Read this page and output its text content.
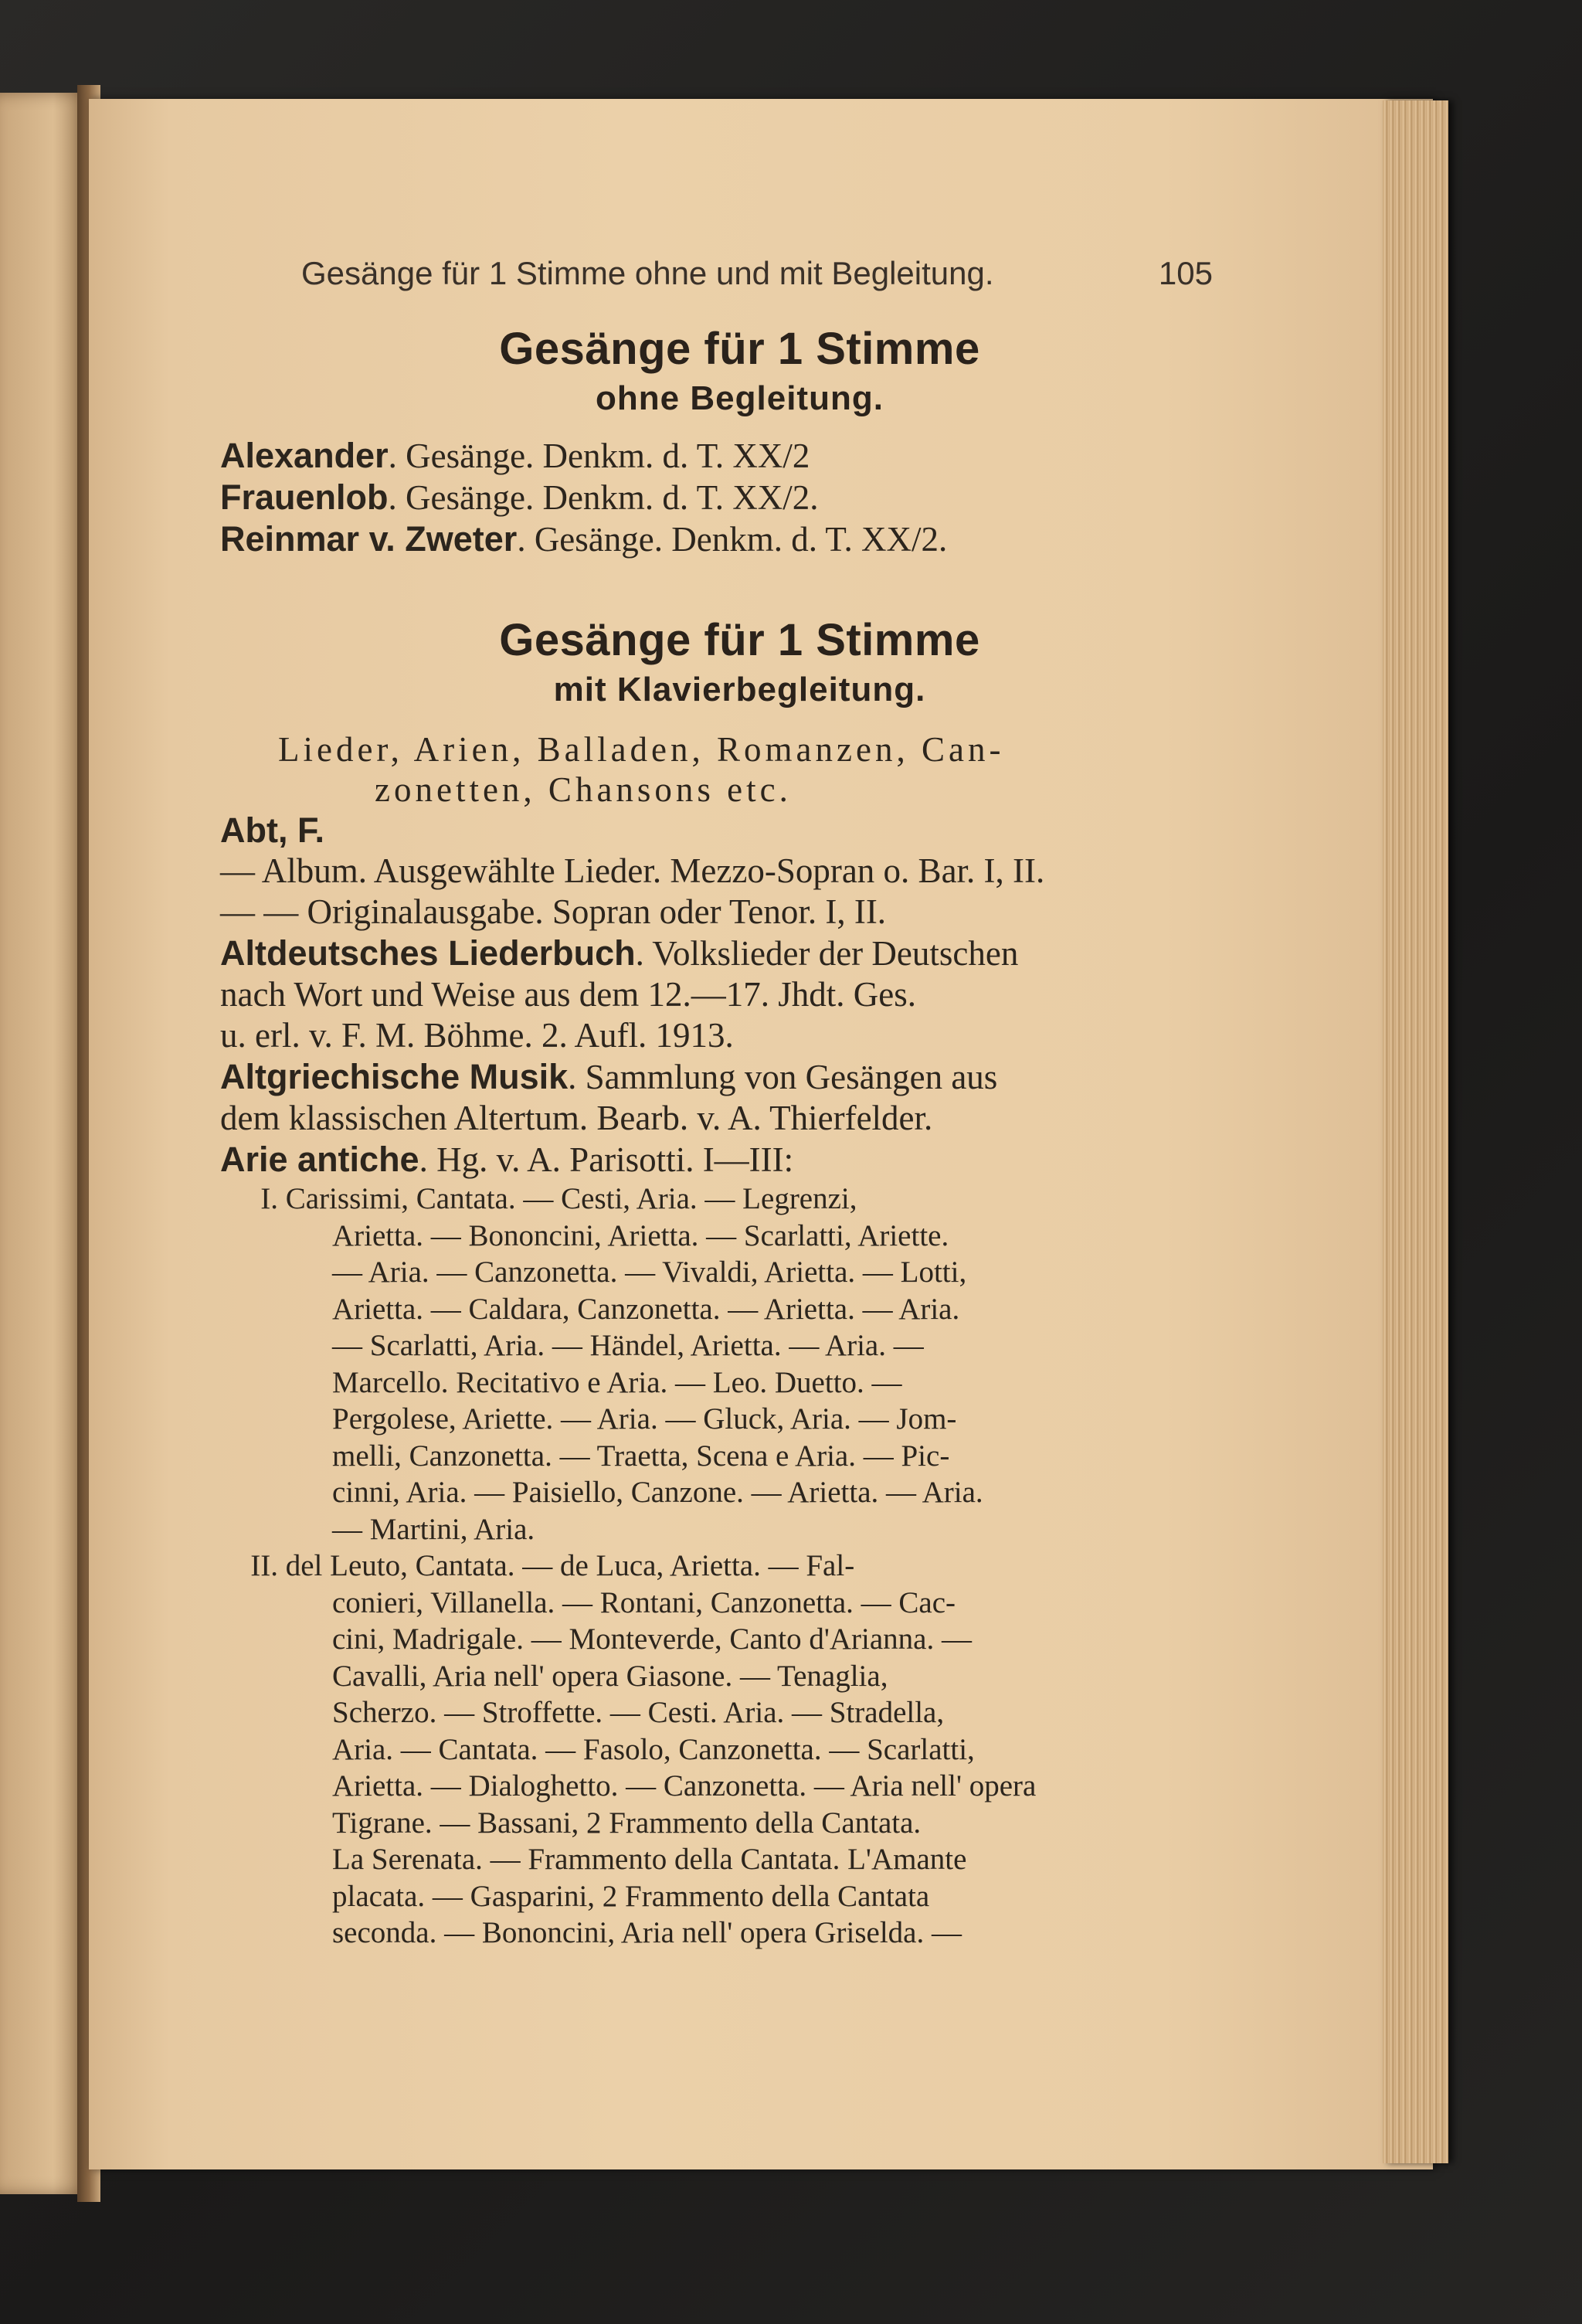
Gesänge für 1 Stimme ohne und mit Begleitung.	105
Gesänge für 1 Stimme
ohne Begleitung.
Alexander. Gesänge. Denkm. d. T. XX/2
Frauenlob. Gesänge. Denkm. d. T. XX/2.
Reinmar v. Zweter. Gesänge. Denkm. d. T. XX/2.
Gesänge für 1 Stimme
mit Klavierbegleitung.
Lieder, Arien, Balladen, Romanzen, Can-
zonetten, Chansons etc.
Abt, F.
— Album. Ausgewählte Lieder. Mezzo-Sopran o. Bar. I, II.
— — Originalausgabe. Sopran oder Tenor. I, II.
Altdeutsches Liederbuch. Volkslieder der Deutschen
nach Wort und Weise aus dem 12.—17. Jhdt. Ges.
u. erl. v. F. M. Böhme. 2. Aufl. 1913.
Altgriechische Musik. Sammlung von Gesängen aus
dem klassischen Altertum. Bearb. v. A. Thierfelder.
Arie antiche. Hg. v. A. Parisotti. I—III:
I. Carissimi, Cantata. — Cesti, Aria. — Legrenzi,
Arietta. — Bononcini, Arietta. — Scarlatti, Ariette.
— Aria. — Canzonetta. — Vivaldi, Arietta. — Lotti,
Arietta. — Caldara, Canzonetta. — Arietta. — Aria.
— Scarlatti, Aria. — Händel, Arietta. — Aria. —
Marcello. Recitativo e Aria. — Leo. Duetto. —
Pergolese, Ariette. — Aria. — Gluck, Aria. — Jom-
melli, Canzonetta. — Traetta, Scena e Aria. — Pic-
cinni, Aria. — Paisiello, Canzone. — Arietta. — Aria.
— Martini, Aria.
II. del Leuto, Cantata. — de Luca, Arietta. — Fal-
conieri, Villanella. — Rontani, Canzonetta. — Cac-
cini, Madrigale. — Monteverde, Canto d'Arianna. —
Cavalli, Aria nell' opera Giasone. — Tenaglia,
Scherzo. — Stroffette. — Cesti. Aria. — Stradella,
Aria. — Cantata. — Fasolo, Canzonetta. — Scarlatti,
Arietta. — Dialoghetto. — Canzonetta. — Aria nell' opera
Tigrane. — Bassani, 2 Frammento della Cantata.
La Serenata. — Frammento della Cantata. L'Amante
placata. — Gasparini, 2 Frammento della Cantata
seconda. — Bononcini, Aria nell' opera Griselda. —
